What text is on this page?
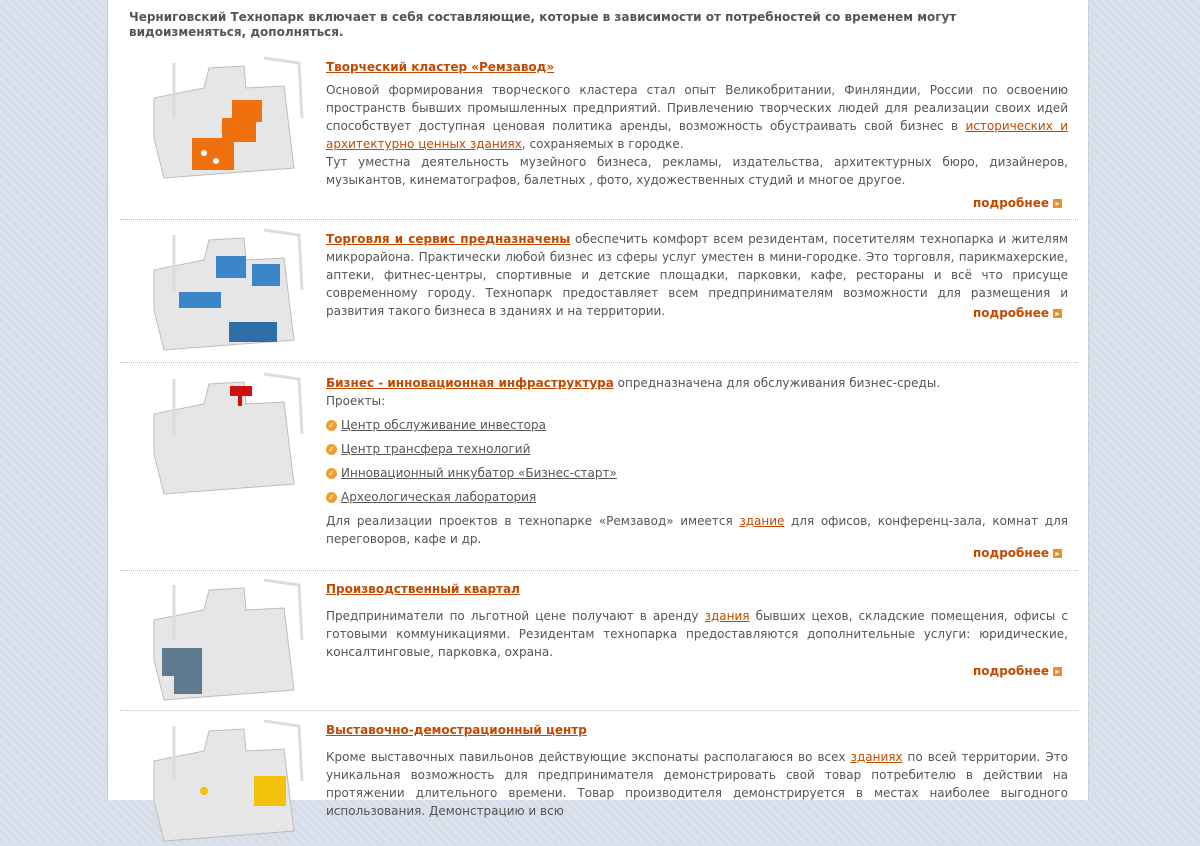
Черниговский Технопарк включает в себя составляющие, которые в зависимости от потребностей со временем могут видоизменяться, дополняться.

Творческий кластер «Ремзавод»

Основой формирования творческого кластера стал опыт Великобритании, Финляндии, России по освоению пространств бывших промышленных предприятий. Привлечению творческих людей для реализации своих идей способствует доступная ценовая политика аренды, возможность обустраивать свой бизнес в исторических и архитектурно ценных зданиях, сохраняемых в городке.

Тут уместна деятельность музейного бизнеса, рекламы, издательства, архитектурных бюро, дизайнеров, музыкантов, кинематографов, балетных , фото, художественных студий и многое другое.

подробнее ▸

Торговля и сервис предназначены обеспечить комфорт всем резидентам, посетителям технопарка и жителям микрорайона. Практически любой бизнес из сферы услуг уместен в мини-городке. Это торговля, парикмахерские, аптеки, фитнес-центры, спортивные и детские площадки, парковки, кафе, рестораны и всё что присуще современному городу. Технопарк предоставляет всем предпринимателям возможности для размещения и развития такого бизнеса в зданиях и на территории.	подробнее ▸

Бизнес - инновационная инфраструктура опредназначена для обслуживания бизнес-среды.

Проекты:

✓ Центр обслуживание инвестора
✓ Центр трансфера технологий
✓ Инновационный инкубатор «Бизнес-старт»
✓ Археологическая лаборатория

Для реализации проектов в технопарке «Ремзавод» имеется здание для офисов, конференц-зала, комнат для переговоров, кафе и др.

подробнее ▸

Производственный квартал

Предприниматели по льготной цене получают в аренду здания бывших цехов, складские помещения, офисы с готовыми коммуникациями. Резидентам технопарка предоставляются дополнительные услуги: юридические, консалтинговые, парковка, охрана.

подробнее ▸

Выставочно-демострационный центр

Кроме выставочных павильонов действующие экспонаты располагаюся во всех зданиях по всей территории. Это уникальная возможность для предпринимателя демонстрировать свой товар потребителю в действии на протяжении длительного времени. Товар производителя демонстрируется в местах наиболее выгодного использования. Демонстрацию и всю
